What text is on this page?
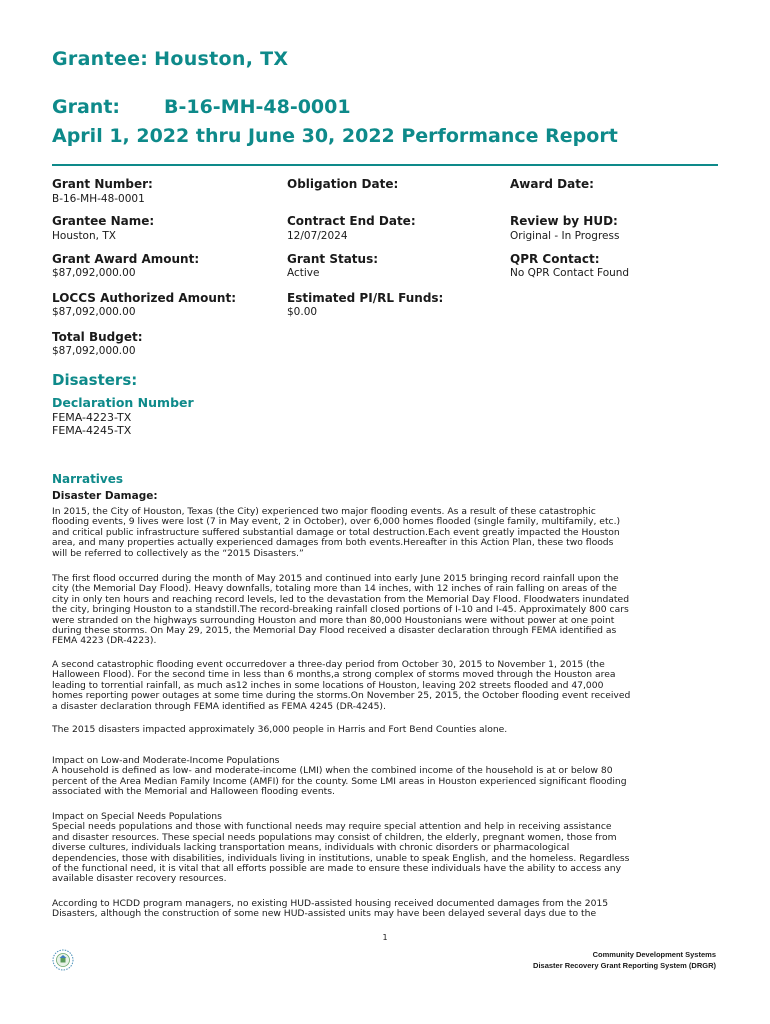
Grantee: Houston, TX
Grant: B-16-MH-48-0001
April 1, 2022 thru June 30, 2022 Performance Report
Grant Number:
B-16-MH-48-0001
Obligation Date:	Award Date:
Grantee Name:
Houston, TX
Contract End Date:
12/07/2024
Review by HUD:
Original - In Progress
Grant Award Amount:
$87,092,000.00
Grant Status:
Active
QPR Contact:
No QPR Contact Found
LOCCS Authorized Amount:
$87,092,000.00
Estimated PI/RL Funds:
$0.00
Total Budget:
$87,092,000.00
Disasters:
Declaration Number
FEMA-4223-TX
FEMA-4245-TX
Narratives
Disaster Damage:
In 2015, the City of Houston, Texas (the City) experienced two major flooding events. As a result of these catastrophic
flooding events, 9 lives were lost (7 in May event, 2 in October), over 6,000 homes flooded (single family, multifamily, etc.)
and critical public infrastructure suffered substantial damage or total destruction.Each event greatly impacted the Houston
area, and many properties actually experienced damages from both events.Hereafter in this Action Plan, these two floods
will be referred to collectively as the “2015 Disasters.”
The first flood occurred during the month of May 2015 and continued into early June 2015 bringing record rainfall upon the
city (the Memorial Day Flood). Heavy downfalls, totaling more than 14 inches, with 12 inches of rain falling on areas of the
city in only ten hours and reaching record levels, led to the devastation from the Memorial Day Flood. Floodwaters inundated
the city, bringing Houston to a standstill.The record-breaking rainfall closed portions of I-10 and I-45. Approximately 800 cars
were stranded on the highways surrounding Houston and more than 80,000 Houstonians were without power at one point
during these storms. On May 29, 2015, the Memorial Day Flood received a disaster declaration through FEMA identified as
FEMA 4223 (DR-4223).
A second catastrophic flooding event occurredover a three-day period from October 30, 2015 to November 1, 2015 (the
Halloween Flood). For the second time in less than 6 months,a strong complex of storms moved through the Houston area
leading to torrential rainfall, as much as12 inches in some locations of Houston, leaving 202 streets flooded and 47,000
homes reporting power outages at some time during the storms.On November 25, 2015, the October flooding event received
a disaster declaration through FEMA identified as FEMA 4245 (DR-4245).
The 2015 disasters impacted approximately 36,000 people in Harris and Fort Bend Counties alone.
Impact on Low-and Moderate-Income Populations
A household is defined as low- and moderate-income (LMI) when the combined income of the household is at or below 80
percent of the Area Median Family Income (AMFI) for the county. Some LMI areas in Houston experienced significant flooding
associated with the Memorial and Halloween flooding events.
Impact on Special Needs Populations
Special needs populations and those with functional needs may require special attention and help in receiving assistance
and disaster resources. These special needs populations may consist of children, the elderly, pregnant women, those from
diverse cultures, individuals lacking transportation means, individuals with chronic disorders or pharmacological
dependencies, those with disabilities, individuals living in institutions, unable to speak English, and the homeless. Regardless
of the functional need, it is vital that all efforts possible are made to ensure these individuals have the ability to access any
available disaster recovery resources.
According to HCDD program managers, no existing HUD-assisted housing received documented damages from the 2015
Disasters, although the construction of some new HUD-assisted units may have been delayed several days due to the
1
Community Development Systems
Disaster Recovery Grant Reporting System (DRGR)
